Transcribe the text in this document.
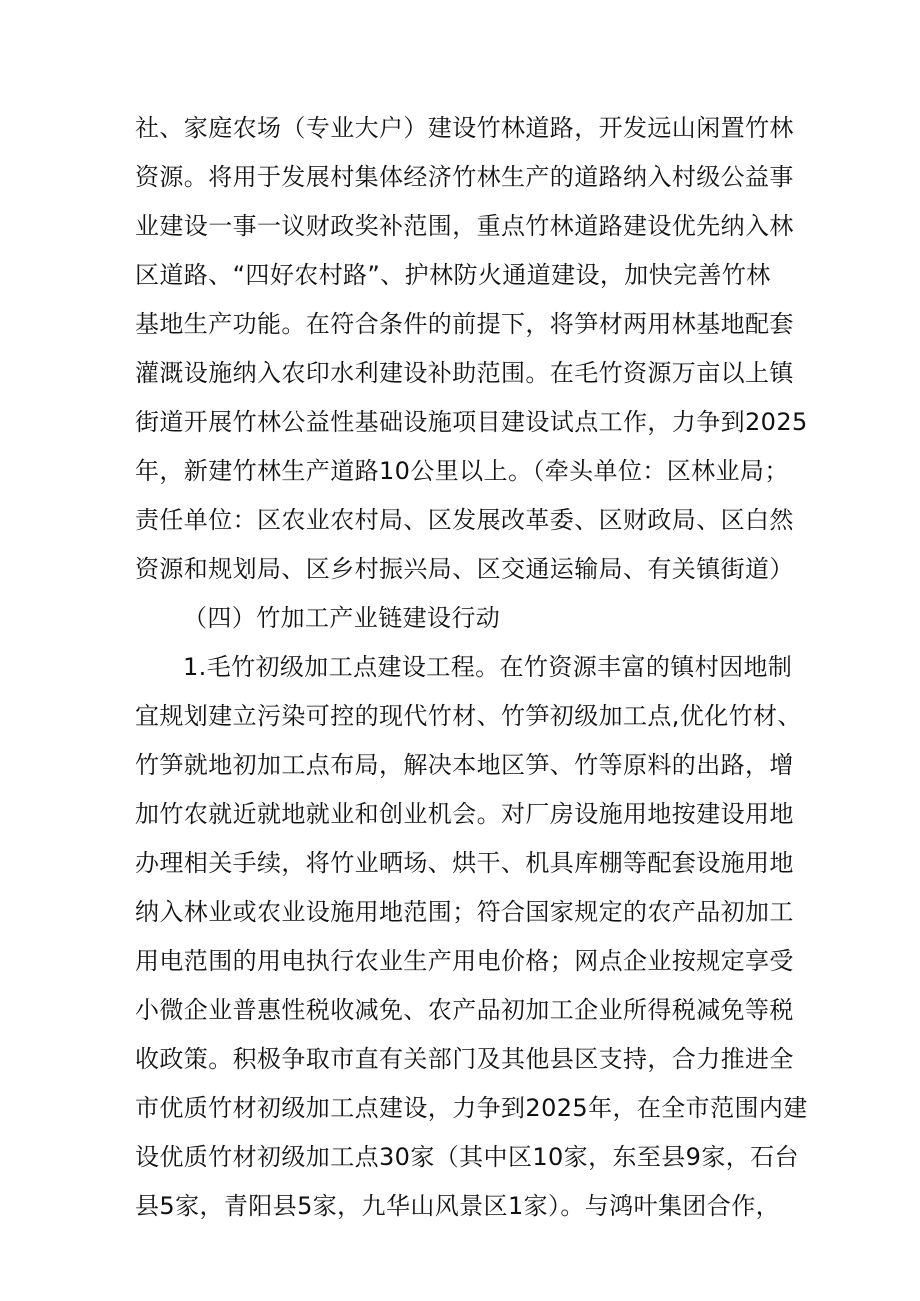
社、家庭农场（专业大户）建设竹林道路，开发远山闲置竹林
资源。将用于发展村集体经济竹林生产的道路纳入村级公益事
业建设一事一议财政奖补范围，重点竹林道路建设优先纳入林
区道路、“四好农村路”、护林防火通道建设，加快完善竹林
基地生产功能。在符合条件的前提下，将笋材两用林基地配套
灌溉设施纳入农印水利建设补助范围。在毛竹资源万亩以上镇
街道开展竹林公益性基础设施项目建设试点工作，力争到2025
年，新建竹林生产道路10公里以上。（牵头单位：区林业局；
责任单位：区农业农村局、区发展改革委、区财政局、区白然
资源和规划局、区乡村振兴局、区交通运输局、有关镇街道）
（四）竹加工产业链建设行动
1.毛竹初级加工点建设工程。在竹资源丰富的镇村因地制
宜规划建立污染可控的现代竹材、竹笋初级加工点,优化竹材、
竹笋就地初加工点布局，解决本地区笋、竹等原料的出路，增
加竹农就近就地就业和创业机会。对厂房设施用地按建设用地
办理相关手续，将竹业晒场、烘干、机具库棚等配套设施用地
纳入林业或农业设施用地范围；符合国家规定的农产品初加工
用电范围的用电执行农业生产用电价格；网点企业按规定享受
小微企业普惠性税收减免、农产品初加工企业所得税减免等税
收政策。积极争取市直有关部门及其他县区支持，合力推进全
市优质竹材初级加工点建设，力争到2025年，在全市范围内建
设优质竹材初级加工点30家（其中区10家，东至县9家，石台
县5家，青阳县5家，九华山风景区1家）。与鸿叶集团合作，
